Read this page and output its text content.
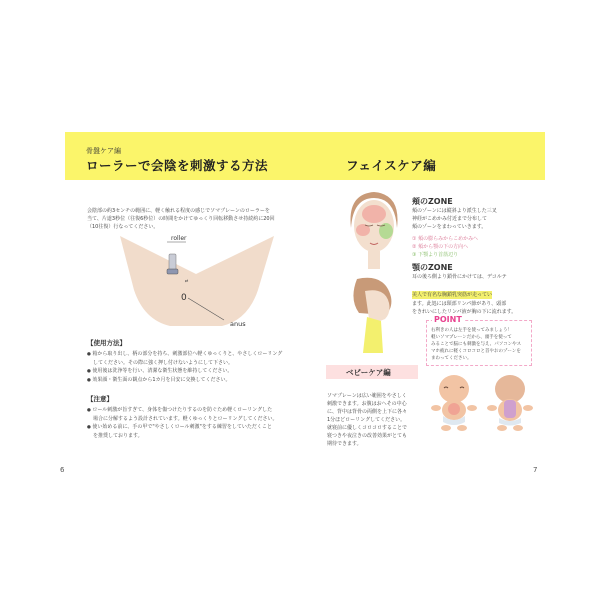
骨盤ケア編
ローラーで会陰を刺激する方法
会陰部の約3センチの範囲に、軽く触れる程度の感じでソマプレーンのローラーを
当て、片道3秒位（往復6秒位）の時間をかけてゆっくり回転移動させ持続約に20回
（10往復）行なってください。
⇄
0
roller
anus
【使用方法】
● 箱から取り出し、柄の部分を持ち、刺激部位へ軽くゆっくりと、やさしくローリング
してください。その際に強く押し付けないようにして下さい。
● 使用後は洗浄等を行い、清潔な衛生状態を維持してください。
● 効果顔・衛生面の観点から1カ月を目安に交換してください。
【注意】
● ロール刺激が旨すぎて、身体を傷つけたりするのを防ぐため軽くローリングした
場合に分解するよう設計されています。軽くゆっくりとローリングしてください。
● 使い始める前に、手の甲で"やさしくロール刺激"をする練習をしていただくこと
を推奨しております。
6
フェイスケア編
頬のZONE
頬のゾーンには縦斜より派生した三叉
神経がこめかみ付近まで分布して
頬のゾーンをまわっていきます。
① 頬の膨らみからこめかみへ
② 頬から顎の下の方向へ
③ 下顎より首筋辺り
顎のZONE
耳の後ろ側より鎖骨にかけては、デコルテ
美人で有名な胸鎖乳突筋が走ってい
ます。此処には頸部リンパ節があり、頭部
をきれいにしたリンパ液が胸の下に流れます。
POINT
右利きの人は左手を使ってみましょう！
軽いソマプレーンだから、頭手を使って
みることで脳にも刺激を与え、パソコンやス
マホ疲れに軽くコロコロと首やおのゾーンを
まわってください。
ベビーケア編
ソマプレーンは広い範囲をやさしく
刺激できます。お腹はおへその中心
に、背中は背骨の両側を上下に各々
1分ほどローリングしてください。
就寝前に優しくコロコロすることで
寝つきや夜泣きの改善効果がとても
期待できます。
7
